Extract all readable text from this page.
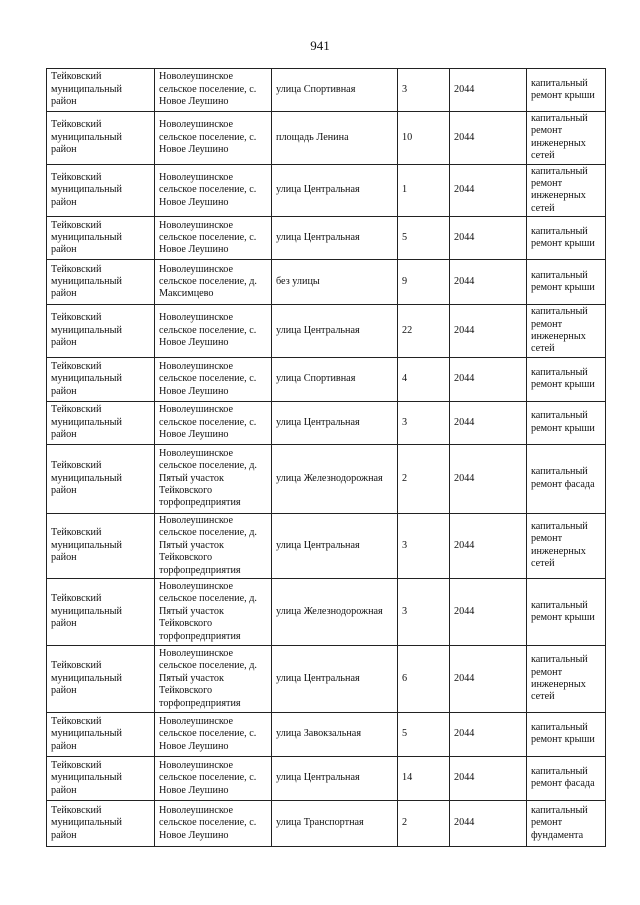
941
Тейковский муниципальный район	Новолеушинское сельское поселение, с. Новое Леушино	улица Спортивная	3	2044	капитальный ремонт крыши
Тейковский муниципальный район	Новолеушинское сельское поселение, с. Новое Леушино	площадь Ленина	10	2044	капитальный ремонт инженерных сетей
Тейковский муниципальный район	Новолеушинское сельское поселение, с. Новое Леушино	улица Центральная	1	2044	капитальный ремонт инженерных сетей
Тейковский муниципальный район	Новолеушинское сельское поселение, с. Новое Леушино	улица Центральная	5	2044	капитальный ремонт крыши
Тейковский муниципальный район	Новолеушинское сельское поселение, д. Максимцево	без улицы	9	2044	капитальный ремонт крыши
Тейковский муниципальный район	Новолеушинское сельское поселение, с. Новое Леушино	улица Центральная	22	2044	капитальный ремонт инженерных сетей
Тейковский муниципальный район	Новолеушинское сельское поселение, с. Новое Леушино	улица Спортивная	4	2044	капитальный ремонт крыши
Тейковский муниципальный район	Новолеушинское сельское поселение, с. Новое Леушино	улица Центральная	3	2044	капитальный ремонт крыши
Тейковский муниципальный район	Новолеушинское сельское поселение, д. Пятый участок Тейковского торфопредприятия	улица Железнодорожная	2	2044	капитальный ремонт фасада
Тейковский муниципальный район	Новолеушинское сельское поселение, д. Пятый участок Тейковского торфопредприятия	улица Центральная	3	2044	капитальный ремонт инженерных сетей
Тейковский муниципальный район	Новолеушинское сельское поселение, д. Пятый участок Тейковского торфопредприятия	улица Железнодорожная	3	2044	капитальный ремонт крыши
Тейковский муниципальный район	Новолеушинское сельское поселение, д. Пятый участок Тейковского торфопредприятия	улица Центральная	6	2044	капитальный ремонт инженерных сетей
Тейковский муниципальный район	Новолеушинское сельское поселение, с. Новое Леушино	улица Завокзальная	5	2044	капитальный ремонт крыши
Тейковский муниципальный район	Новолеушинское сельское поселение, с. Новое Леушино	улица Центральная	14	2044	капитальный ремонт фасада
Тейковский муниципальный район	Новолеушинское сельское поселение, с. Новое Леушино	улица Транспортная	2	2044	капитальный ремонт фундамента
